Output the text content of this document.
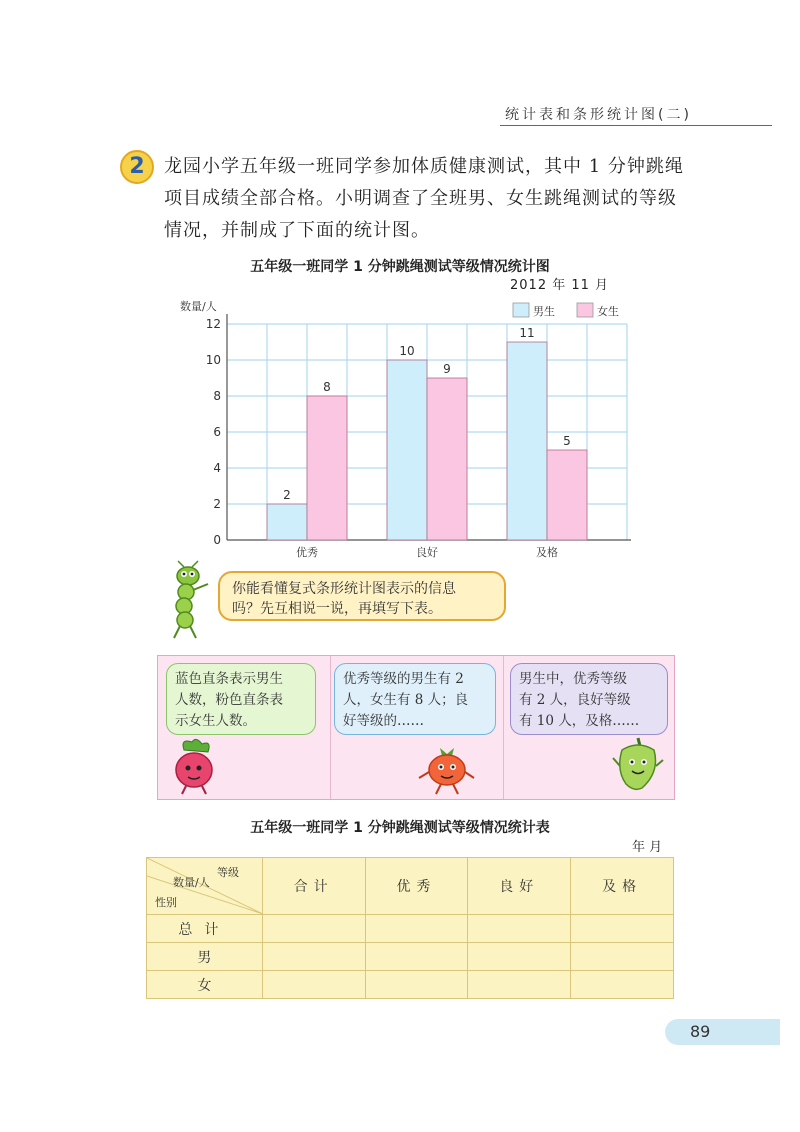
统计表和条形统计图(二)
2	龙园小学五年级一班同学参加体质健康测试，其中 1 分钟跳绳
项目成绩全部合格。小明调查了全班男、女生跳绳测试的等级
情况，并制成了下面的统计图。
五年级一班同学 1 分钟跳绳测试等级情况统计图
2012 年 11 月
0
2
4
6
8
10
12
数量/人
2
8
优秀
10
9
良好
11
5
及格
男生	女生
你能看懂复式条形统计图表示的信息
吗？先互相说一说，再填写下表。
蓝色直条表示男生
人数，粉色直条表
示女生人数。
优秀等级的男生有 2
人，女生有 8 人；良
好等级的……
男生中，优秀等级
有 2 人，良好等级
有 10 人，及格……
五年级一班同学 1 分钟跳绳测试等级情况统计表
年 月
等级
数量/人
性别	合计	优秀	良好	及格
总计				
男				
女				
89
